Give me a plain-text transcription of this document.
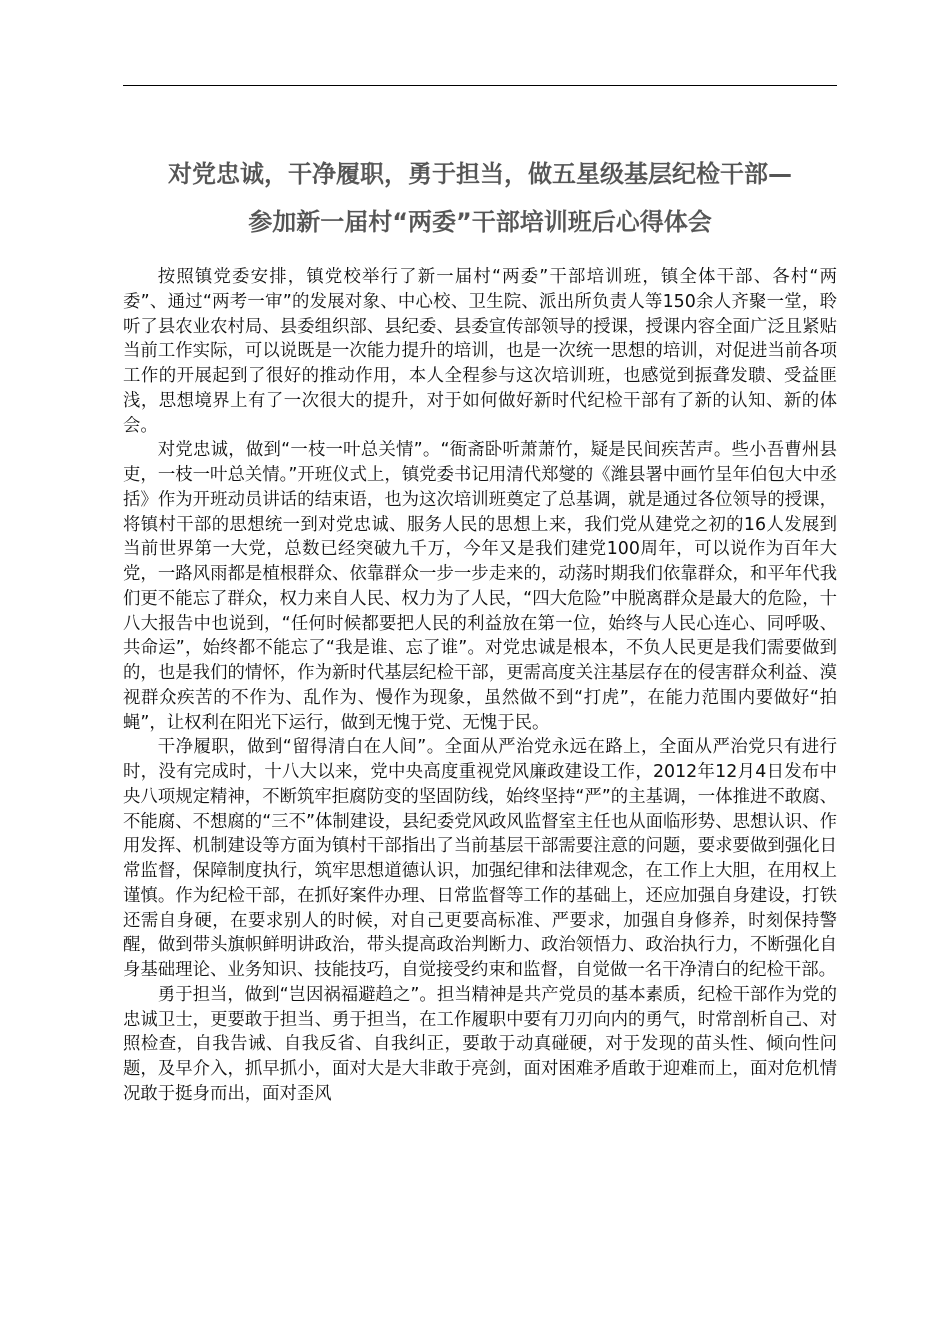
对党忠诚，干净履职，勇于担当，做五星级基层纪检干部—
参加新一届村“两委”干部培训班后心得体会

按照镇党委安排，镇党校举行了新一届村“两委”干部培训班，镇全体干部、各村“两委”、通过“两考一审”的发展对象、中心校、卫生院、派出所负责人等150余人齐聚一堂，聆听了县农业农村局、县委组织部、县纪委、县委宣传部领导的授课，授课内容全面广泛且紧贴当前工作实际，可以说既是一次能力提升的培训，也是一次统一思想的培训，对促进当前各项工作的开展起到了很好的推动作用，本人全程参与这次培训班，也感觉到振聋发聩、受益匪浅，思想境界上有了一次很大的提升，对于如何做好新时代纪检干部有了新的认知、新的体会。

对党忠诚，做到“一枝一叶总关情”。“衙斋卧听萧萧竹，疑是民间疾苦声。些小吾曹州县吏，一枝一叶总关情。”开班仪式上，镇党委书记用清代郑燮的《潍县署中画竹呈年伯包大中丞括》作为开班动员讲话的结束语，也为这次培训班奠定了总基调，就是通过各位领导的授课，将镇村干部的思想统一到对党忠诚、服务人民的思想上来，我们党从建党之初的16人发展到当前世界第一大党，总数已经突破九千万，今年又是我们建党100周年，可以说作为百年大党，一路风雨都是植根群众、依靠群众一步一步走来的，动荡时期我们依靠群众，和平年代我们更不能忘了群众，权力来自人民、权力为了人民，“四大危险”中脱离群众是最大的危险，十八大报告中也说到，“任何时候都要把人民的利益放在第一位，始终与人民心连心、同呼吸、共命运”，始终都不能忘了“我是谁、忘了谁”。对党忠诚是根本，不负人民更是我们需要做到的，也是我们的情怀，作为新时代基层纪检干部，更需高度关注基层存在的侵害群众利益、漠视群众疾苦的不作为、乱作为、慢作为现象，虽然做不到“打虎”，在能力范围内要做好“拍蝇”，让权利在阳光下运行，做到无愧于党、无愧于民。

干净履职，做到“留得清白在人间”。全面从严治党永远在路上，全面从严治党只有进行时，没有完成时，十八大以来，党中央高度重视党风廉政建设工作，2012年12月4日发布中央八项规定精神，不断筑牢拒腐防变的坚固防线，始终坚持“严”的主基调，一体推进不敢腐、不能腐、不想腐的“三不”体制建设，县纪委党风政风监督室主任也从面临形势、思想认识、作用发挥、机制建设等方面为镇村干部指出了当前基层干部需要注意的问题，要求要做到强化日常监督，保障制度执行，筑牢思想道德认识，加强纪律和法律观念，在工作上大胆，在用权上谨慎。作为纪检干部，在抓好案件办理、日常监督等工作的基础上，还应加强自身建设，打铁还需自身硬，在要求别人的时候，对自己更要高标准、严要求，加强自身修养，时刻保持警醒，做到带头旗帜鲜明讲政治，带头提高政治判断力、政治领悟力、政治执行力，不断强化自身基础理论、业务知识、技能技巧，自觉接受约束和监督，自觉做一名干净清白的纪检干部。

勇于担当，做到“岂因祸福避趋之”。担当精神是共产党员的基本素质，纪检干部作为党的忠诚卫士，更要敢于担当、勇于担当，在工作履职中要有刀刃向内的勇气，时常剖析自己、对照检查，自我告诫、自我反省、自我纠正，要敢于动真碰硬，对于发现的苗头性、倾向性问题，及早介入，抓早抓小，面对大是大非敢于亮剑，面对困难矛盾敢于迎难而上，面对危机情况敢于挺身而出，面对歪风
